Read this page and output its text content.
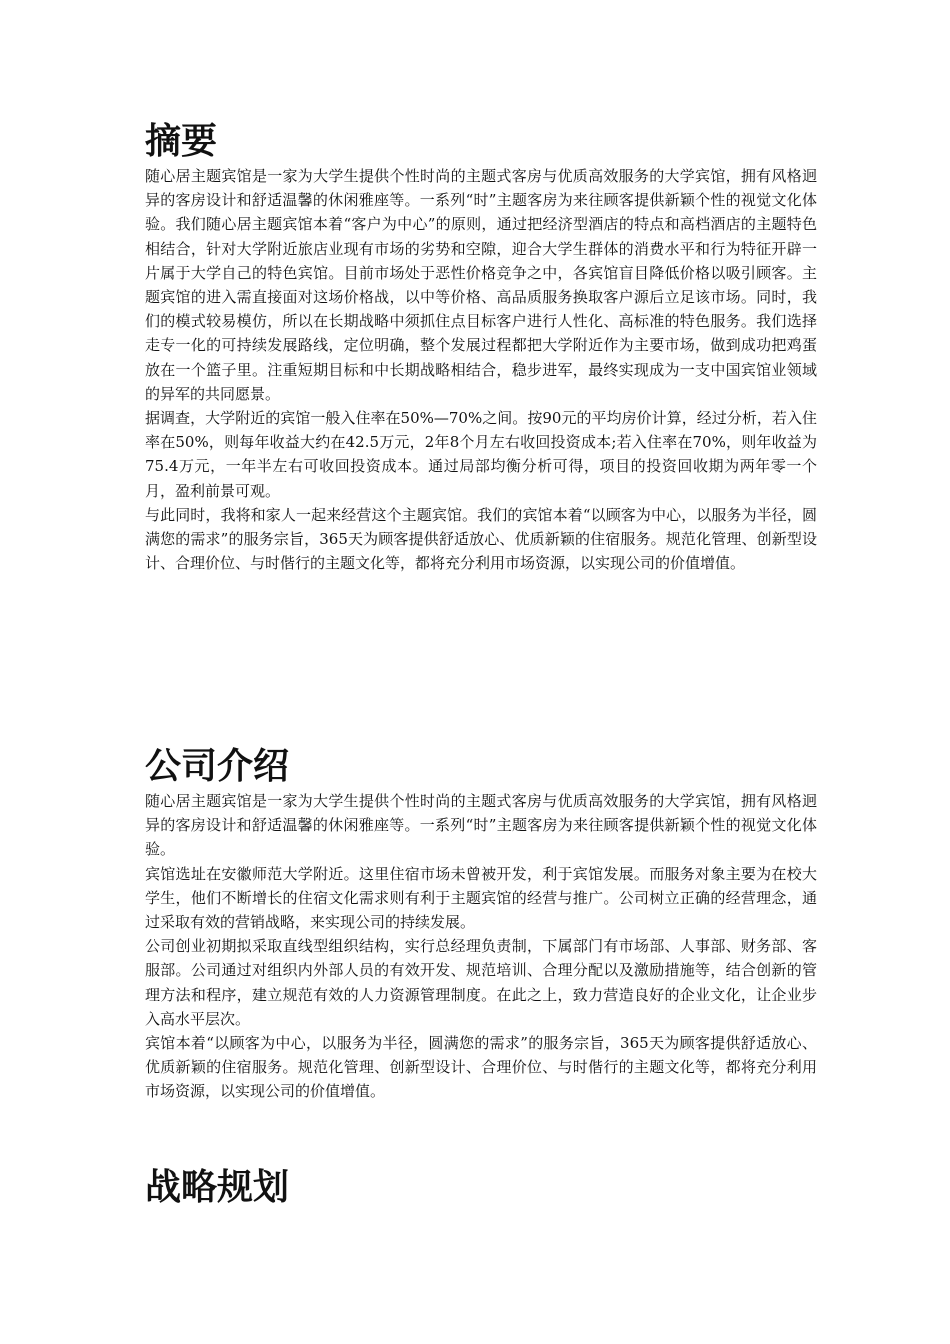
摘要

随心居主题宾馆是一家为大学生提供个性时尚的主题式客房与优质高效服务的大学宾馆，拥有风格迥异的客房设计和舒适温馨的休闲雅座等。一系列“时”主题客房为来往顾客提供新颖个性的视觉文化体验。我们随心居主题宾馆本着“客户为中心”的原则，通过把经济型酒店的特点和高档酒店的主题特色相结合，针对大学附近旅店业现有市场的劣势和空隙，迎合大学生群体的消费水平和行为特征开辟一片属于大学自己的特色宾馆。目前市场处于恶性价格竞争之中，各宾馆盲目降低价格以吸引顾客。主题宾馆的进入需直接面对这场价格战，以中等价格、高品质服务换取客户源后立足该市场。同时，我们的模式较易模仿，所以在长期战略中须抓住点目标客户进行人性化、高标准的特色服务。我们选择走专一化的可持续发展路线，定位明确，整个发展过程都把大学附近作为主要市场，做到成功把鸡蛋放在一个篮子里。注重短期目标和中长期战略相结合，稳步进军，最终实现成为一支中国宾馆业领域的异军的共同愿景。

据调查，大学附近的宾馆一般入住率在50%—70%之间。按90元的平均房价计算，经过分析，若入住率在50%，则每年收益大约在42.5万元，2年8个月左右收回投资成本;若入住率在70%，则年收益为75.4万元，一年半左右可收回投资成本。通过局部均衡分析可得，项目的投资回收期为两年零一个月，盈利前景可观。

与此同时，我将和家人一起来经营这个主题宾馆。我们的宾馆本着“以顾客为中心，以服务为半径，圆满您的需求”的服务宗旨，365天为顾客提供舒适放心、优质新颖的住宿服务。规范化管理、创新型设计、合理价位、与时偕行的主题文化等，都将充分利用市场资源，以实现公司的价值增值。

公司介绍

随心居主题宾馆是一家为大学生提供个性时尚的主题式客房与优质高效服务的大学宾馆，拥有风格迥异的客房设计和舒适温馨的休闲雅座等。一系列“时”主题客房为来往顾客提供新颖个性的视觉文化体验。

宾馆选址在安徽师范大学附近。这里住宿市场未曾被开发，利于宾馆发展。而服务对象主要为在校大学生，他们不断增长的住宿文化需求则有利于主题宾馆的经营与推广。公司树立正确的经营理念，通过采取有效的营销战略，来实现公司的持续发展。

公司创业初期拟采取直线型组织结构，实行总经理负责制，下属部门有市场部、人事部、财务部、客服部。公司通过对组织内外部人员的有效开发、规范培训、合理分配以及激励措施等，结合创新的管理方法和程序，建立规范有效的人力资源管理制度。在此之上，致力营造良好的企业文化，让企业步入高水平层次。

宾馆本着“以顾客为中心，以服务为半径，圆满您的需求”的服务宗旨，365天为顾客提供舒适放心、优质新颖的住宿服务。规范化管理、创新型设计、合理价位、与时偕行的主题文化等，都将充分利用市场资源，以实现公司的价值增值。

战略规划
